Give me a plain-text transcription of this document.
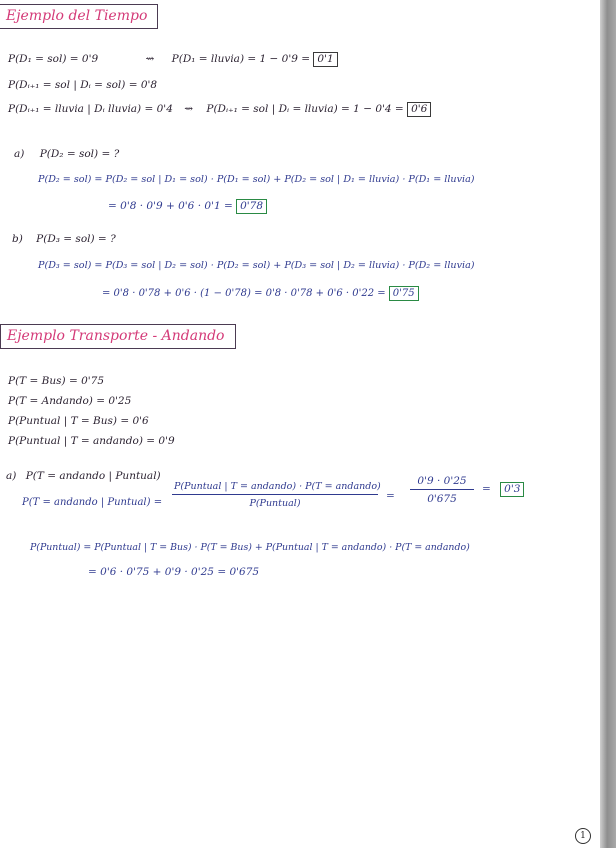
Ejemplo del Tiempo
P(D₁ = sol) = 0'9	⇝ P(D₁ = lluvia) = 1 − 0'9 = 0'1
P(Dᵢ₊₁ = sol | Dᵢ = sol) = 0'8
P(Dᵢ₊₁ = lluvia | Dᵢ lluvia) = 0'4 ⇝ P(Dᵢ₊₁ = sol | Dᵢ = lluvia) = 1 − 0'4 = 0'6
a) P(D₂ = sol) = ?
P(D₂ = sol) = P(D₂ = sol | D₁ = sol) · P(D₁ = sol) + P(D₂ = sol | D₁ = lluvia) · P(D₁ = lluvia)
= 0'8 · 0'9 + 0'6 · 0'1 = 0'78
b) P(D₃ = sol) = ?
P(D₃ = sol) = P(D₃ = sol | D₂ = sol) · P(D₂ = sol) + P(D₃ = sol | D₂ = lluvia) · P(D₂ = lluvia)
= 0'8 · 0'78 + 0'6 · (1 − 0'78) = 0'8 · 0'78 + 0'6 · 0'22 = 0'75
Ejemplo Transporte - Andando
P(T = Bus) = 0'75
P(T = Andando) = 0'25
P(Puntual | T = Bus) = 0'6
P(Puntual | T = andando) = 0'9
a) P(T = andando | Puntual)
P(T = andando | Puntual) =
P(Puntual | T = andando) · P(T = andando)
P(Puntual)
= $\frac{0'9 \cdot 0'25}{0'675} = 0'3$
P(Puntual) = P(Puntual | T = Bus) · P(T = Bus) + P(Puntual | T = andando) · P(T = andando)
= 0'6 · 0'75 + 0'9 · 0'25 = 0'675
1
